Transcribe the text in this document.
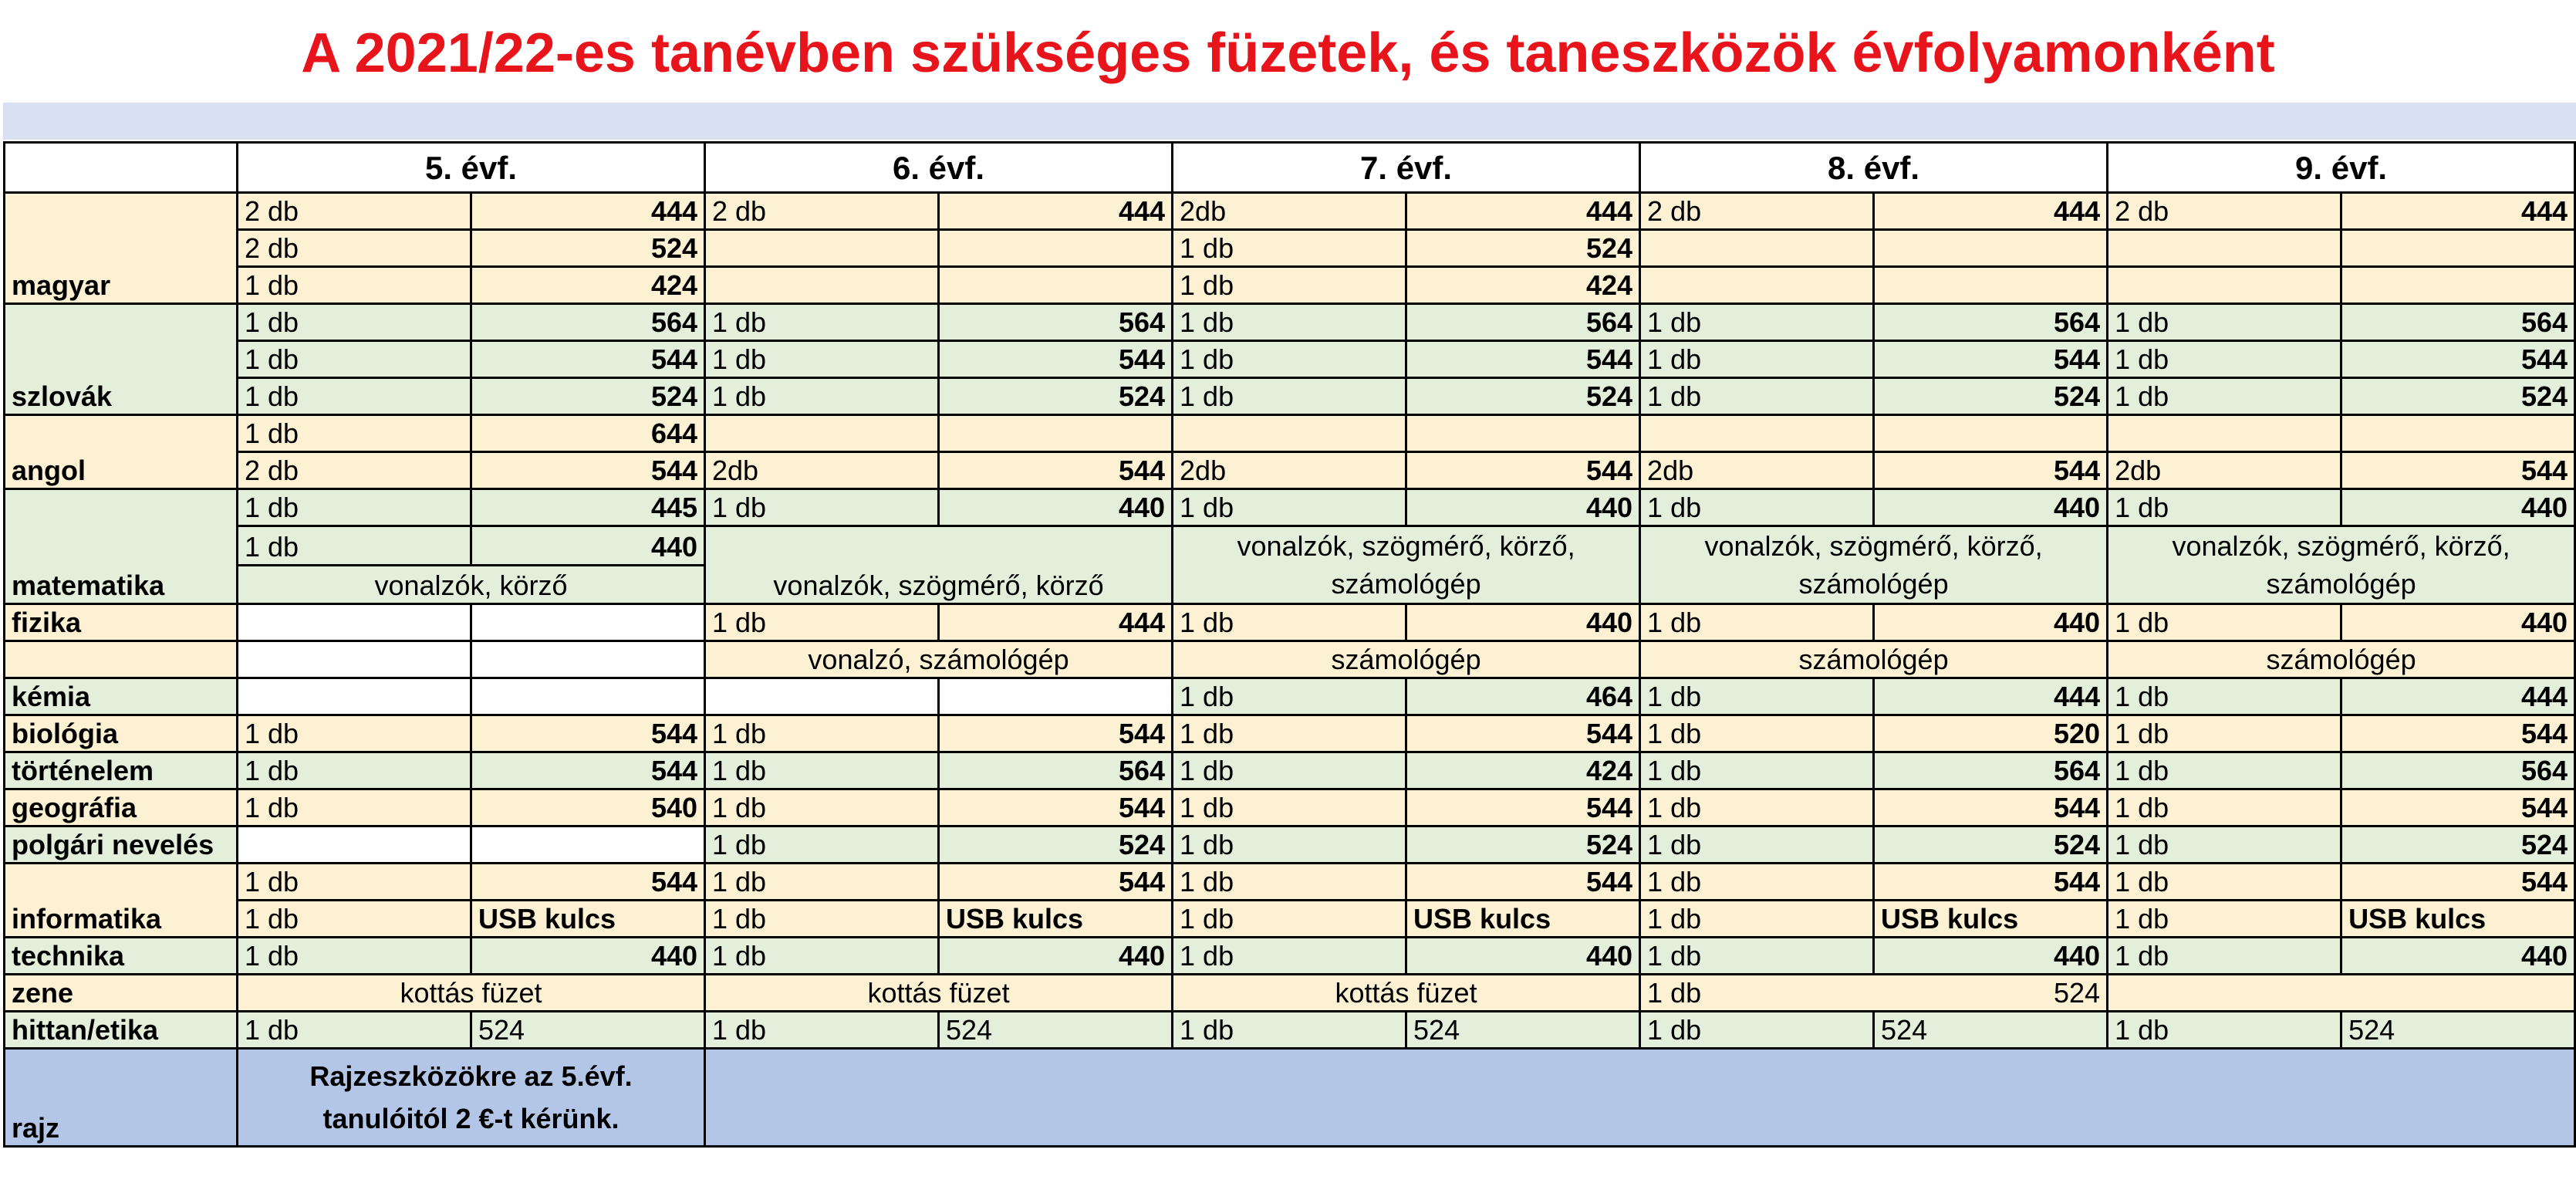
A 2021/22-es tanévben szükséges füzetek, és taneszközök évfolyamonként
	5. évf.		6. évf.		7. évf.		8. évf.		9. évf.	
magyar	2 db	444	2 db	444	2db	444	2 db	444	2 db	444
	2 db	524			1 db	524				
	1 db	424			1 db	424				
szlovák	1 db	564	1 db	564	1 db	564	1 db	564	1 db	564
	1 db	544	1 db	544	1 db	544	1 db	544	1 db	544
	1 db	524	1 db	524	1 db	524	1 db	524	1 db	524
angol	1 db	644								
	2 db	544	2db	544	2db	544	2db	544	2db	544
matematika	1 db	445	1 db	440	1 db	440	1 db	440	1 db	440
	1 db	440	vonalzók, szögmérő, körző		vonalzók, szögmérő, körző, számológép		vonalzók, szögmérő, körző, számológép		vonalzók, szögmérő, körző, számológép	
	vonalzók, körző									
fizika			1 db	444	1 db	440	1 db	440	1 db	440
			vonalzó, számológép		számológép		számológép		számológép	
kémia					1 db	464	1 db	444	1 db	444
biológia	1 db	544	1 db	544	1 db	544	1 db	520	1 db	544
történelem	1 db	544	1 db	564	1 db	424	1 db	564	1 db	564
geográfia	1 db	540	1 db	544	1 db	544	1 db	544	1 db	544
polgári nevelés			1 db	524	1 db	524	1 db	524	1 db	524
informatika	1 db	544	1 db	544	1 db	544	1 db	544	1 db	544
	1 db	USB kulcs	1 db	USB kulcs	1 db	USB kulcs	1 db	USB kulcs	1 db	USB kulcs
technika	1 db	440	1 db	440	1 db	440	1 db	440	1 db	440
zene	kottás füzet		kottás füzet		kottás füzet		1 db	524		
hittan/etika	1 db	524	1 db	524	1 db	524	1 db	524	1 db	524
rajz	Rajzeszközökre az 5.évf. tanulóitól 2 €-t kérünk.									
